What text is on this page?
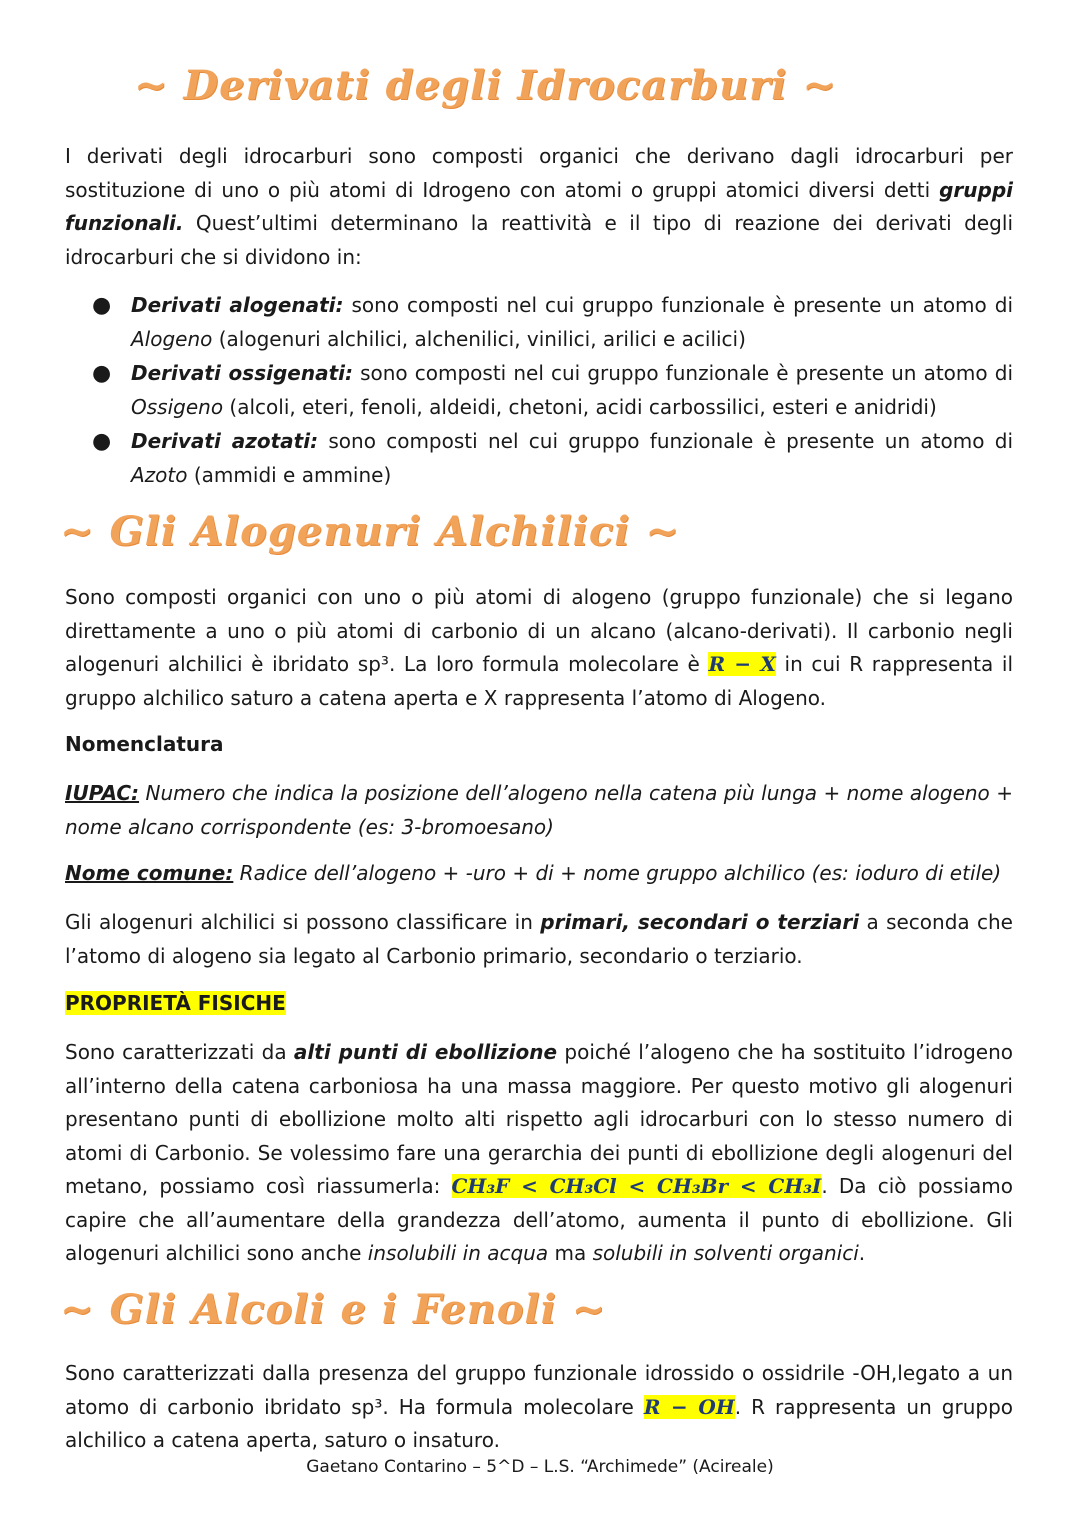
~ Derivati degli Idrocarburi ~
I derivati degli idrocarburi sono composti organici che derivano dagli idrocarburi per sostituzione di uno o più atomi di Idrogeno con atomi o gruppi atomici diversi detti gruppi funzionali. Quest’ultimi determinano la reattività e il tipo di reazione dei derivati degli idrocarburi che si dividono in:
● Derivati alogenati: sono composti nel cui gruppo funzionale è presente un atomo di Alogeno (alogenuri alchilici, alchenilici, vinilici, arilici e acilici)
● Derivati ossigenati: sono composti nel cui gruppo funzionale è presente un atomo di Ossigeno (alcoli, eteri, fenoli, aldeidi, chetoni, acidi carbossilici, esteri e anidridi)
● Derivati azotati: sono composti nel cui gruppo funzionale è presente un atomo di Azoto (ammidi e ammine)
~ Gli Alogenuri Alchilici ~
Sono composti organici con uno o più atomi di alogeno (gruppo funzionale) che si legano direttamente a uno o più atomi di carbonio di un alcano (alcano-derivati). Il carbonio negli alogenuri alchilici è ibridato sp³. La loro formula molecolare è R − X in cui R rappresenta il gruppo alchilico saturo a catena aperta e X rappresenta l’atomo di Alogeno.
Nomenclatura
IUPAC: Numero che indica la posizione dell’alogeno nella catena più lunga + nome alogeno + nome alcano corrispondente (es: 3-bromoesano)
Nome comune: Radice dell’alogeno + -uro + di + nome gruppo alchilico (es: ioduro di etile)
Gli alogenuri alchilici si possono classificare in primari, secondari o terziari a seconda che l’atomo di alogeno sia legato al Carbonio primario, secondario o terziario.
PROPRIETÀ FISICHE
Sono caratterizzati da alti punti di ebollizione poiché l’alogeno che ha sostituito l’idrogeno all’interno della catena carboniosa ha una massa maggiore. Per questo motivo gli alogenuri presentano punti di ebollizione molto alti rispetto agli idrocarburi con lo stesso numero di atomi di Carbonio. Se volessimo fare una gerarchia dei punti di ebollizione degli alogenuri del metano, possiamo così riassumerla: CH₃F < CH₃Cl < CH₃Br < CH₃I. Da ciò possiamo capire che all’aumentare della grandezza dell’atomo, aumenta il punto di ebollizione. Gli alogenuri alchilici sono anche insolubili in acqua ma solubili in solventi organici.
~ Gli Alcoli e i Fenoli ~
Sono caratterizzati dalla presenza del gruppo funzionale idrossido o ossidrile -OH,legato a un atomo di carbonio ibridato sp³. Ha formula molecolare R − OH. R rappresenta un gruppo alchilico a catena aperta, saturo o insaturo.
Gaetano Contarino – 5^D – L.S. “Archimede” (Acireale)
